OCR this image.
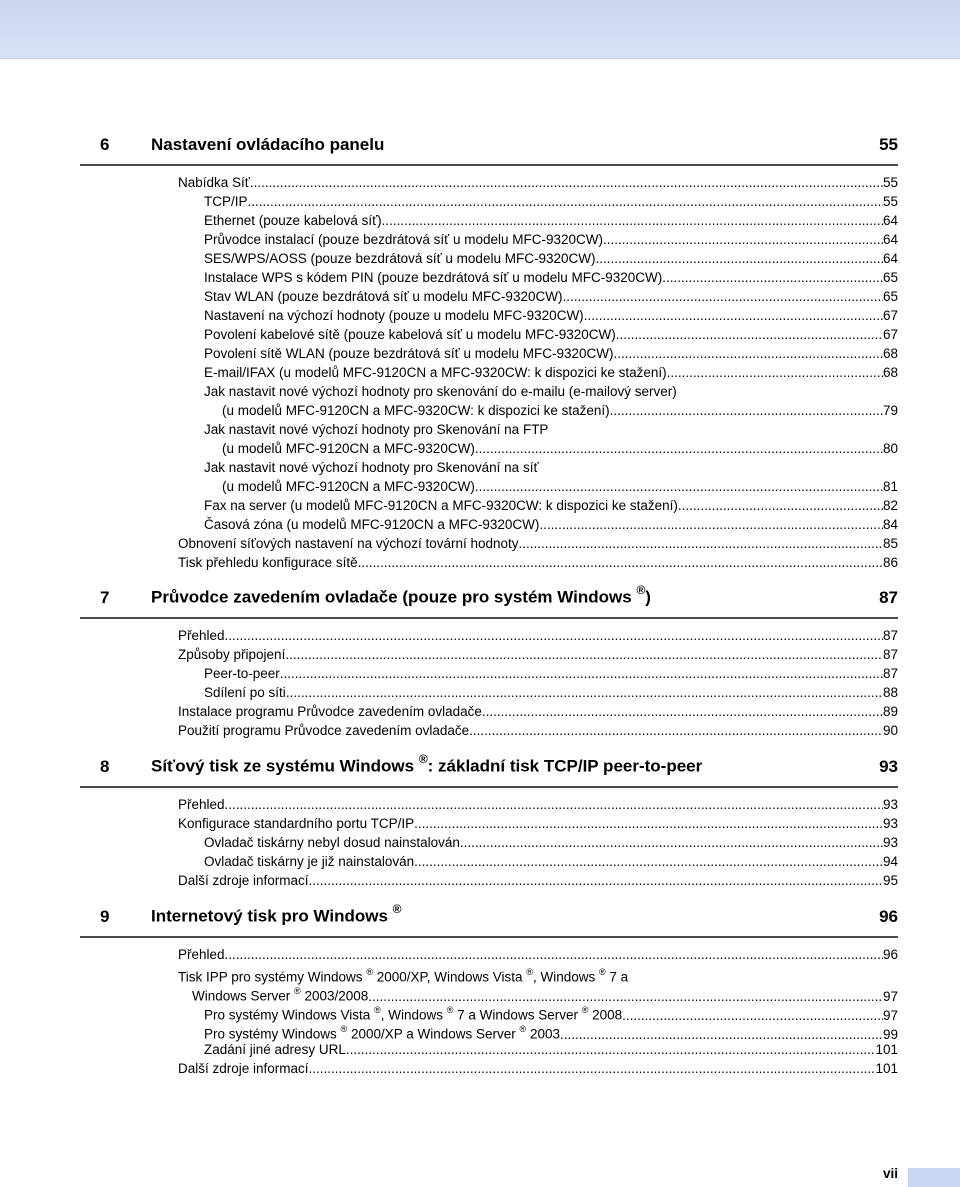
6 Nastavení ovládacího panelu	55
Nabídka Síť .....	55
TCP/IP .....	55
Ethernet (pouze kabelová síť) .....	64
Průvodce instalací (pouze bezdrátová síť u modelu MFC-9320CW) .....	64
SES/WPS/AOSS (pouze bezdrátová síť u modelu MFC-9320CW) .....	64
Instalace WPS s kódem PIN (pouze bezdrátová síť u modelu MFC-9320CW) .....	65
Stav WLAN (pouze bezdrátová síť u modelu MFC-9320CW) .....	65
Nastavení na výchozí hodnoty (pouze u modelu MFC-9320CW) .....	67
Povolení kabelové sítě (pouze kabelová síť u modelu MFC-9320CW) .....	67
Povolení sítě WLAN (pouze bezdrátová síť u modelu MFC-9320CW) .....	68
E-mail/IFAX (u modelů MFC-9120CN a MFC-9320CW: k dispozici ke stažení) .....	68
Jak nastavit nové výchozí hodnoty pro skenování do e-mailu (e-mailový server)
(u modelů MFC-9120CN a MFC-9320CW: k dispozici ke stažení) .....	79
Jak nastavit nové výchozí hodnoty pro Skenování na FTP
(u modelů MFC-9120CN a MFC-9320CW) .....	80
Jak nastavit nové výchozí hodnoty pro Skenování na síť
(u modelů MFC-9120CN a MFC-9320CW) .....	81
Fax na server (u modelů MFC-9120CN a MFC-9320CW: k dispozici ke stažení) .....	82
Časová zóna (u modelů MFC-9120CN a MFC-9320CW) .....	84
Obnovení síťových nastavení na výchozí tovární hodnoty .....	85
Tisk přehledu konfigurace sítě .....	86
7 Průvodce zavedením ovladače (pouze pro systém Windows ®)	87
Přehled .....	87
Způsoby připojení .....	87
Peer-to-peer .....	87
Sdílení po síti .....	88
Instalace programu Průvodce zavedením ovladače .....	89
Použití programu Průvodce zavedením ovladače .....	90
8 Síťový tisk ze systému Windows ®: základní tisk TCP/IP peer-to-peer	93
Přehled .....	93
Konfigurace standardního portu TCP/IP .....	93
Ovladač tiskárny nebyl dosud nainstalován .....	93
Ovladač tiskárny je již nainstalován .....	94
Další zdroje informací .....	95
9 Internetový tisk pro Windows ®	96
Přehled .....	96
Tisk IPP pro systémy Windows ® 2000/XP, Windows Vista ®, Windows ® 7 a
Windows Server ® 2003/2008 .....	97
Pro systémy Windows Vista ®, Windows ® 7 a Windows Server ® 2008 .....	97
Pro systémy Windows ® 2000/XP a Windows Server ® 2003 .....	99
Zadání jiné adresy URL .....	101
Další zdroje informací .....	101
vii
